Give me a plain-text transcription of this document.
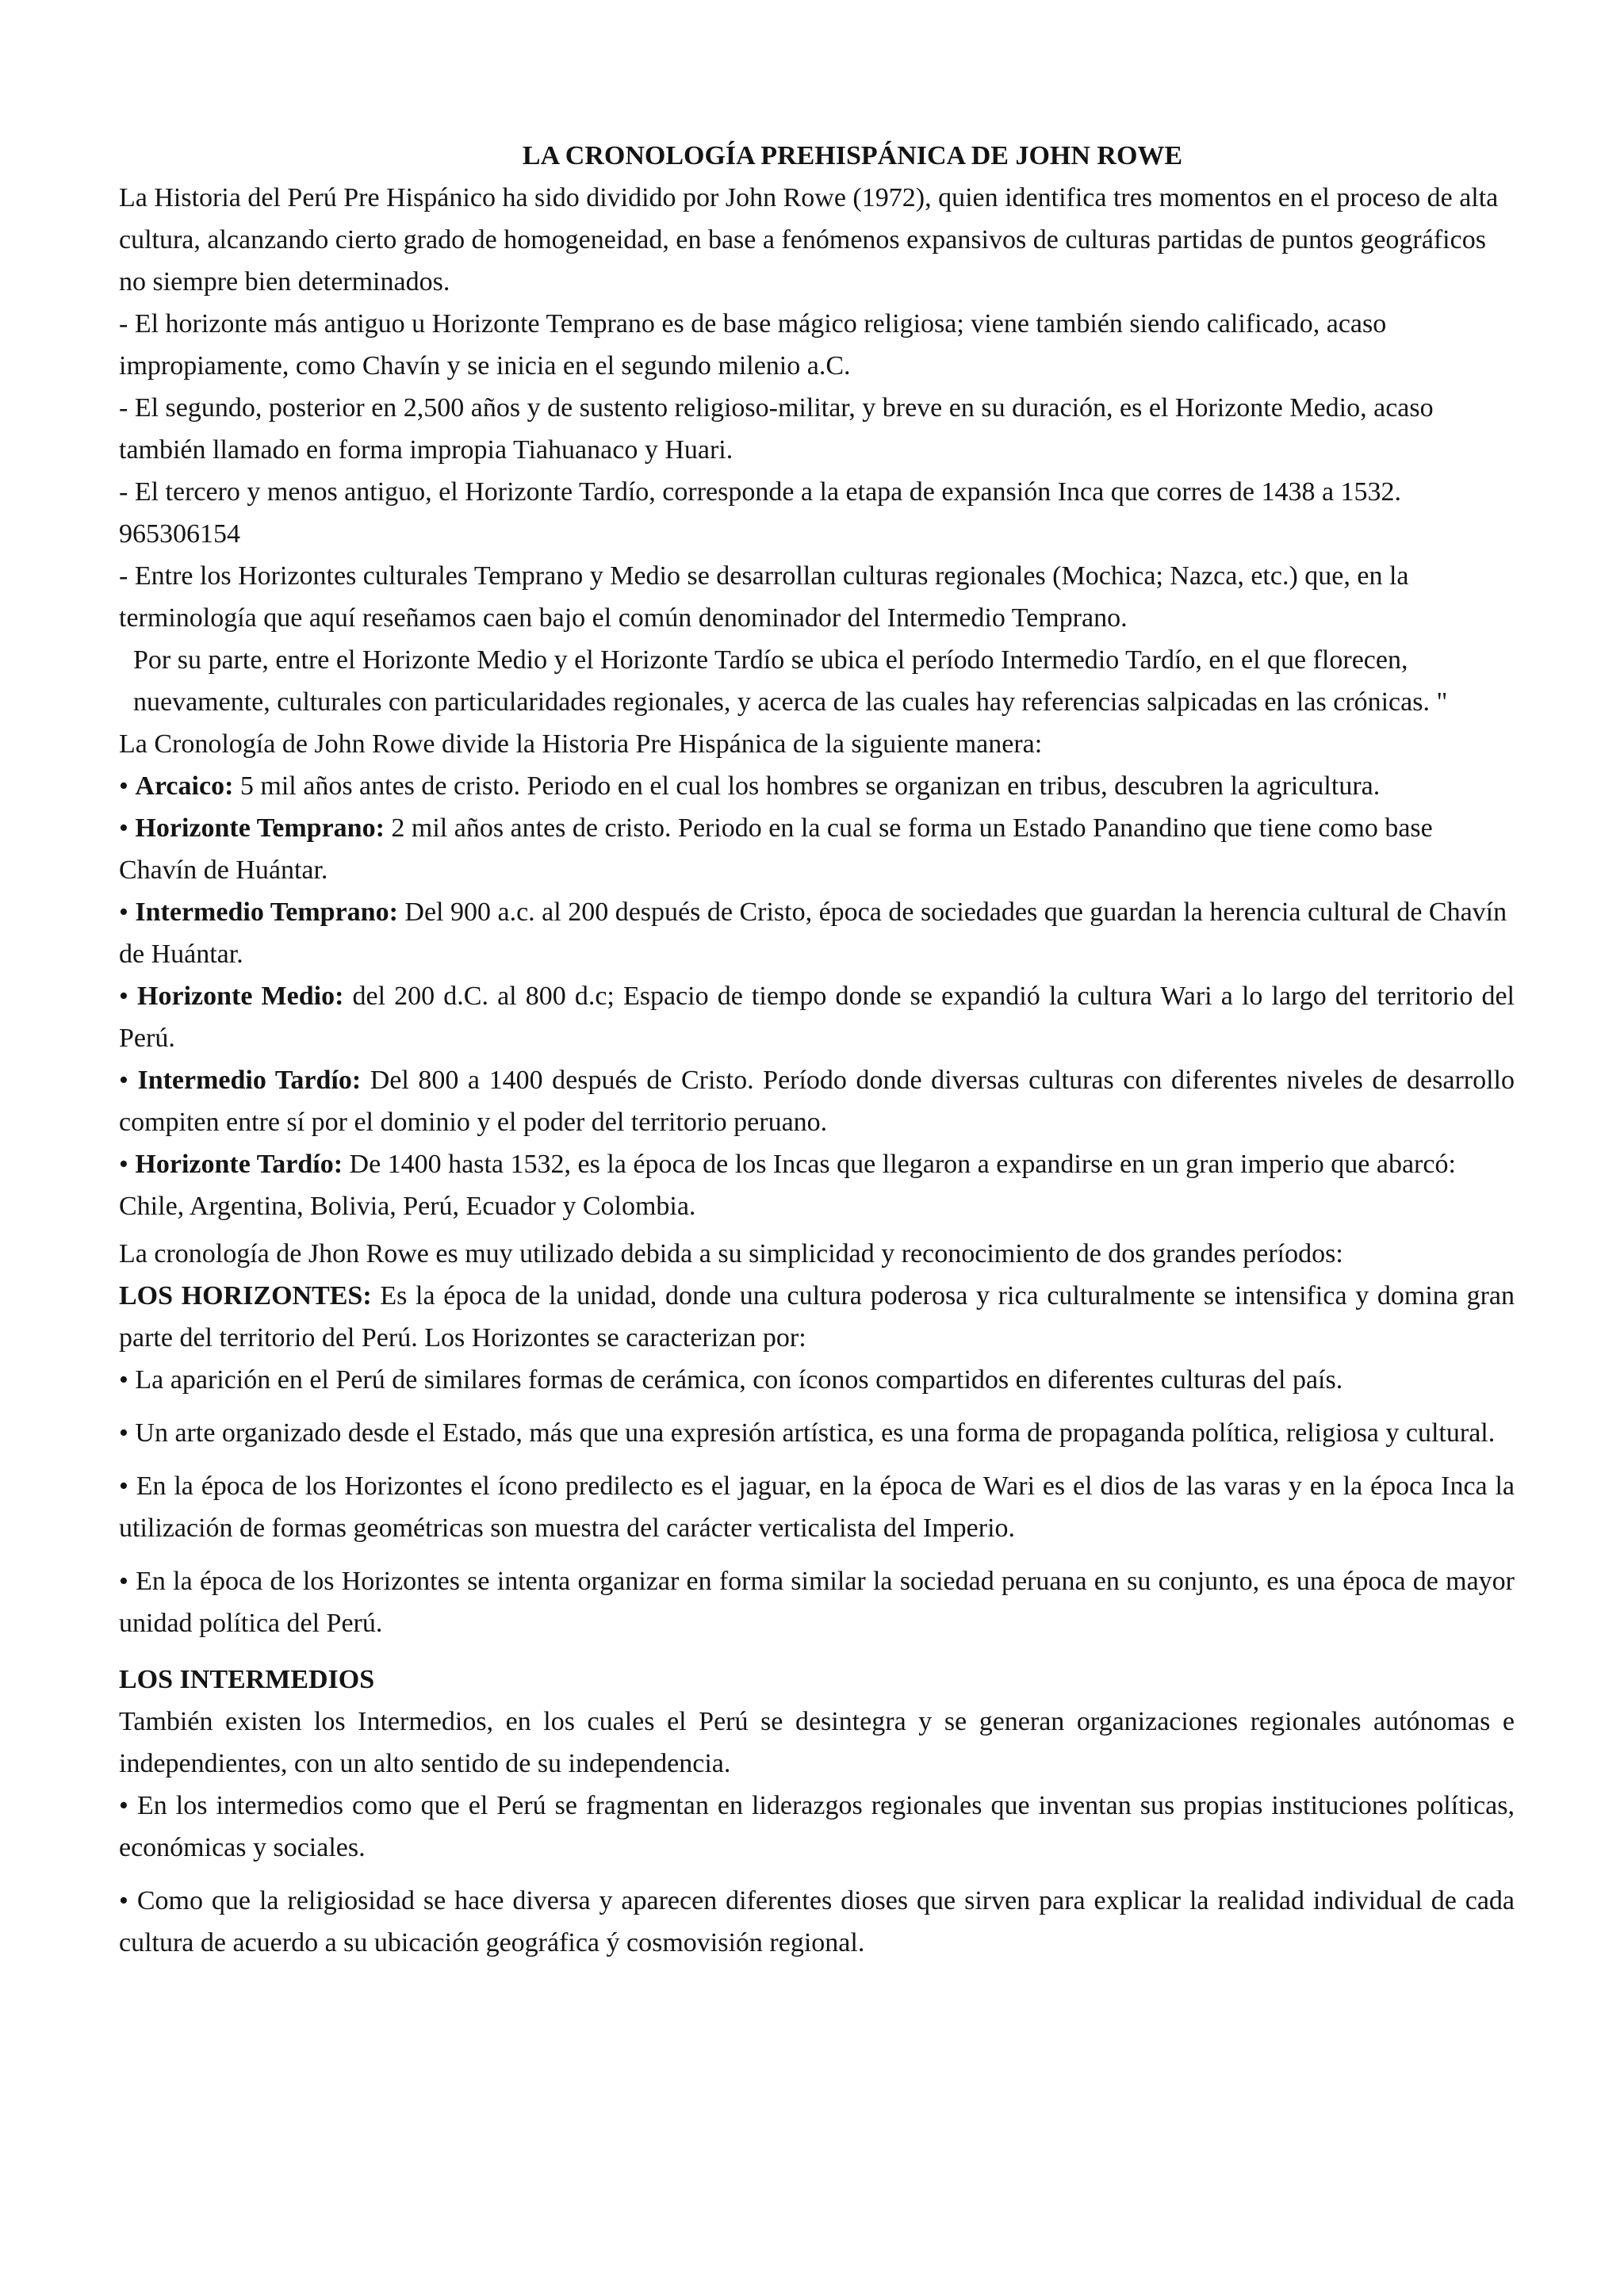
LA CRONOLOGÍA PREHISPÁNICA DE JOHN ROWE

La Historia del Perú Pre Hispánico ha sido dividido por John Rowe (1972), quien identifica tres momentos en el proceso de alta cultura, alcanzando cierto grado de homogeneidad, en base a fenómenos expansivos de culturas partidas de puntos geográficos no siempre bien determinados.

- El horizonte más antiguo u Horizonte Temprano es de base mágico religiosa; viene también siendo calificado, acaso impropiamente, como Chavín y se inicia en el segundo milenio a.C.

- El segundo, posterior en 2,500 años y de sustento religioso-militar, y breve en su duración, es el Horizonte Medio, acaso también llamado en forma impropia Tiahuanaco y Huari.

- El tercero y menos antiguo, el Horizonte Tardío, corresponde a la etapa de expansión Inca que corres de 1438 a 1532. 965306154

- Entre los Horizontes culturales Temprano y Medio se desarrollan culturas regionales (Mochica; Nazca, etc.) que, en la terminología que aquí reseñamos caen bajo el común denominador del Intermedio Temprano.

Por su parte, entre el Horizonte Medio y el Horizonte Tardío se ubica el período Intermedio Tardío, en el que florecen, nuevamente, culturales con particularidades regionales, y acerca de las cuales hay referencias salpicadas en las crónicas. "

La Cronología de John Rowe divide la Historia Pre Hispánica de la siguiente manera:

• Arcaico: 5 mil años antes de cristo. Periodo en el cual los hombres se organizan en tribus, descubren la agricultura.

• Horizonte Temprano: 2 mil años antes de cristo. Periodo en la cual se forma un Estado Panandino que tiene como base Chavín de Huántar.

• Intermedio Temprano: Del 900 a.c. al 200 después de Cristo, época de sociedades que guardan la herencia cultural de Chavín de Huántar.

• Horizonte Medio: del 200 d.C. al 800 d.c; Espacio de tiempo donde se expandió la cultura Wari a lo largo del territorio del Perú.

• Intermedio Tardío: Del 800 a 1400 después de Cristo. Período donde diversas culturas con diferentes niveles de desarrollo compiten entre sí por el dominio y el poder del territorio peruano.

• Horizonte Tardío: De 1400 hasta 1532, es la época de los Incas que llegaron a expandirse en un gran imperio que abarcó: Chile, Argentina, Bolivia, Perú, Ecuador y Colombia.

La cronología de Jhon Rowe es muy utilizado debida a su simplicidad y reconocimiento de dos grandes períodos:

LOS HORIZONTES: Es la época de la unidad, donde una cultura poderosa y rica culturalmente se intensifica y domina gran parte del territorio del Perú. Los Horizontes se caracterizan por:

• La aparición en el Perú de similares formas de cerámica, con íconos compartidos en diferentes culturas del país.

• Un arte organizado desde el Estado, más que una expresión artística, es una forma de propaganda política, religiosa y cultural.

• En la época de los Horizontes el ícono predilecto es el jaguar, en la época de Wari es el dios de las varas y en la época Inca la utilización de formas geométricas son muestra del carácter verticalista del Imperio.

• En la época de los Horizontes se intenta organizar en forma similar la sociedad peruana en su conjunto, es una época de mayor unidad política del Perú.

LOS INTERMEDIOS

También existen los Intermedios, en los cuales el Perú se desintegra y se generan organizaciones regionales autónomas e independientes, con un alto sentido de su independencia.

• En los intermedios como que el Perú se fragmentan en liderazgos regionales que inventan sus propias instituciones políticas, económicas y sociales.

• Como que la religiosidad se hace diversa y aparecen diferentes dioses que sirven para explicar la realidad individual de cada cultura de acuerdo a su ubicación geográfica ý cosmovisión regional.
